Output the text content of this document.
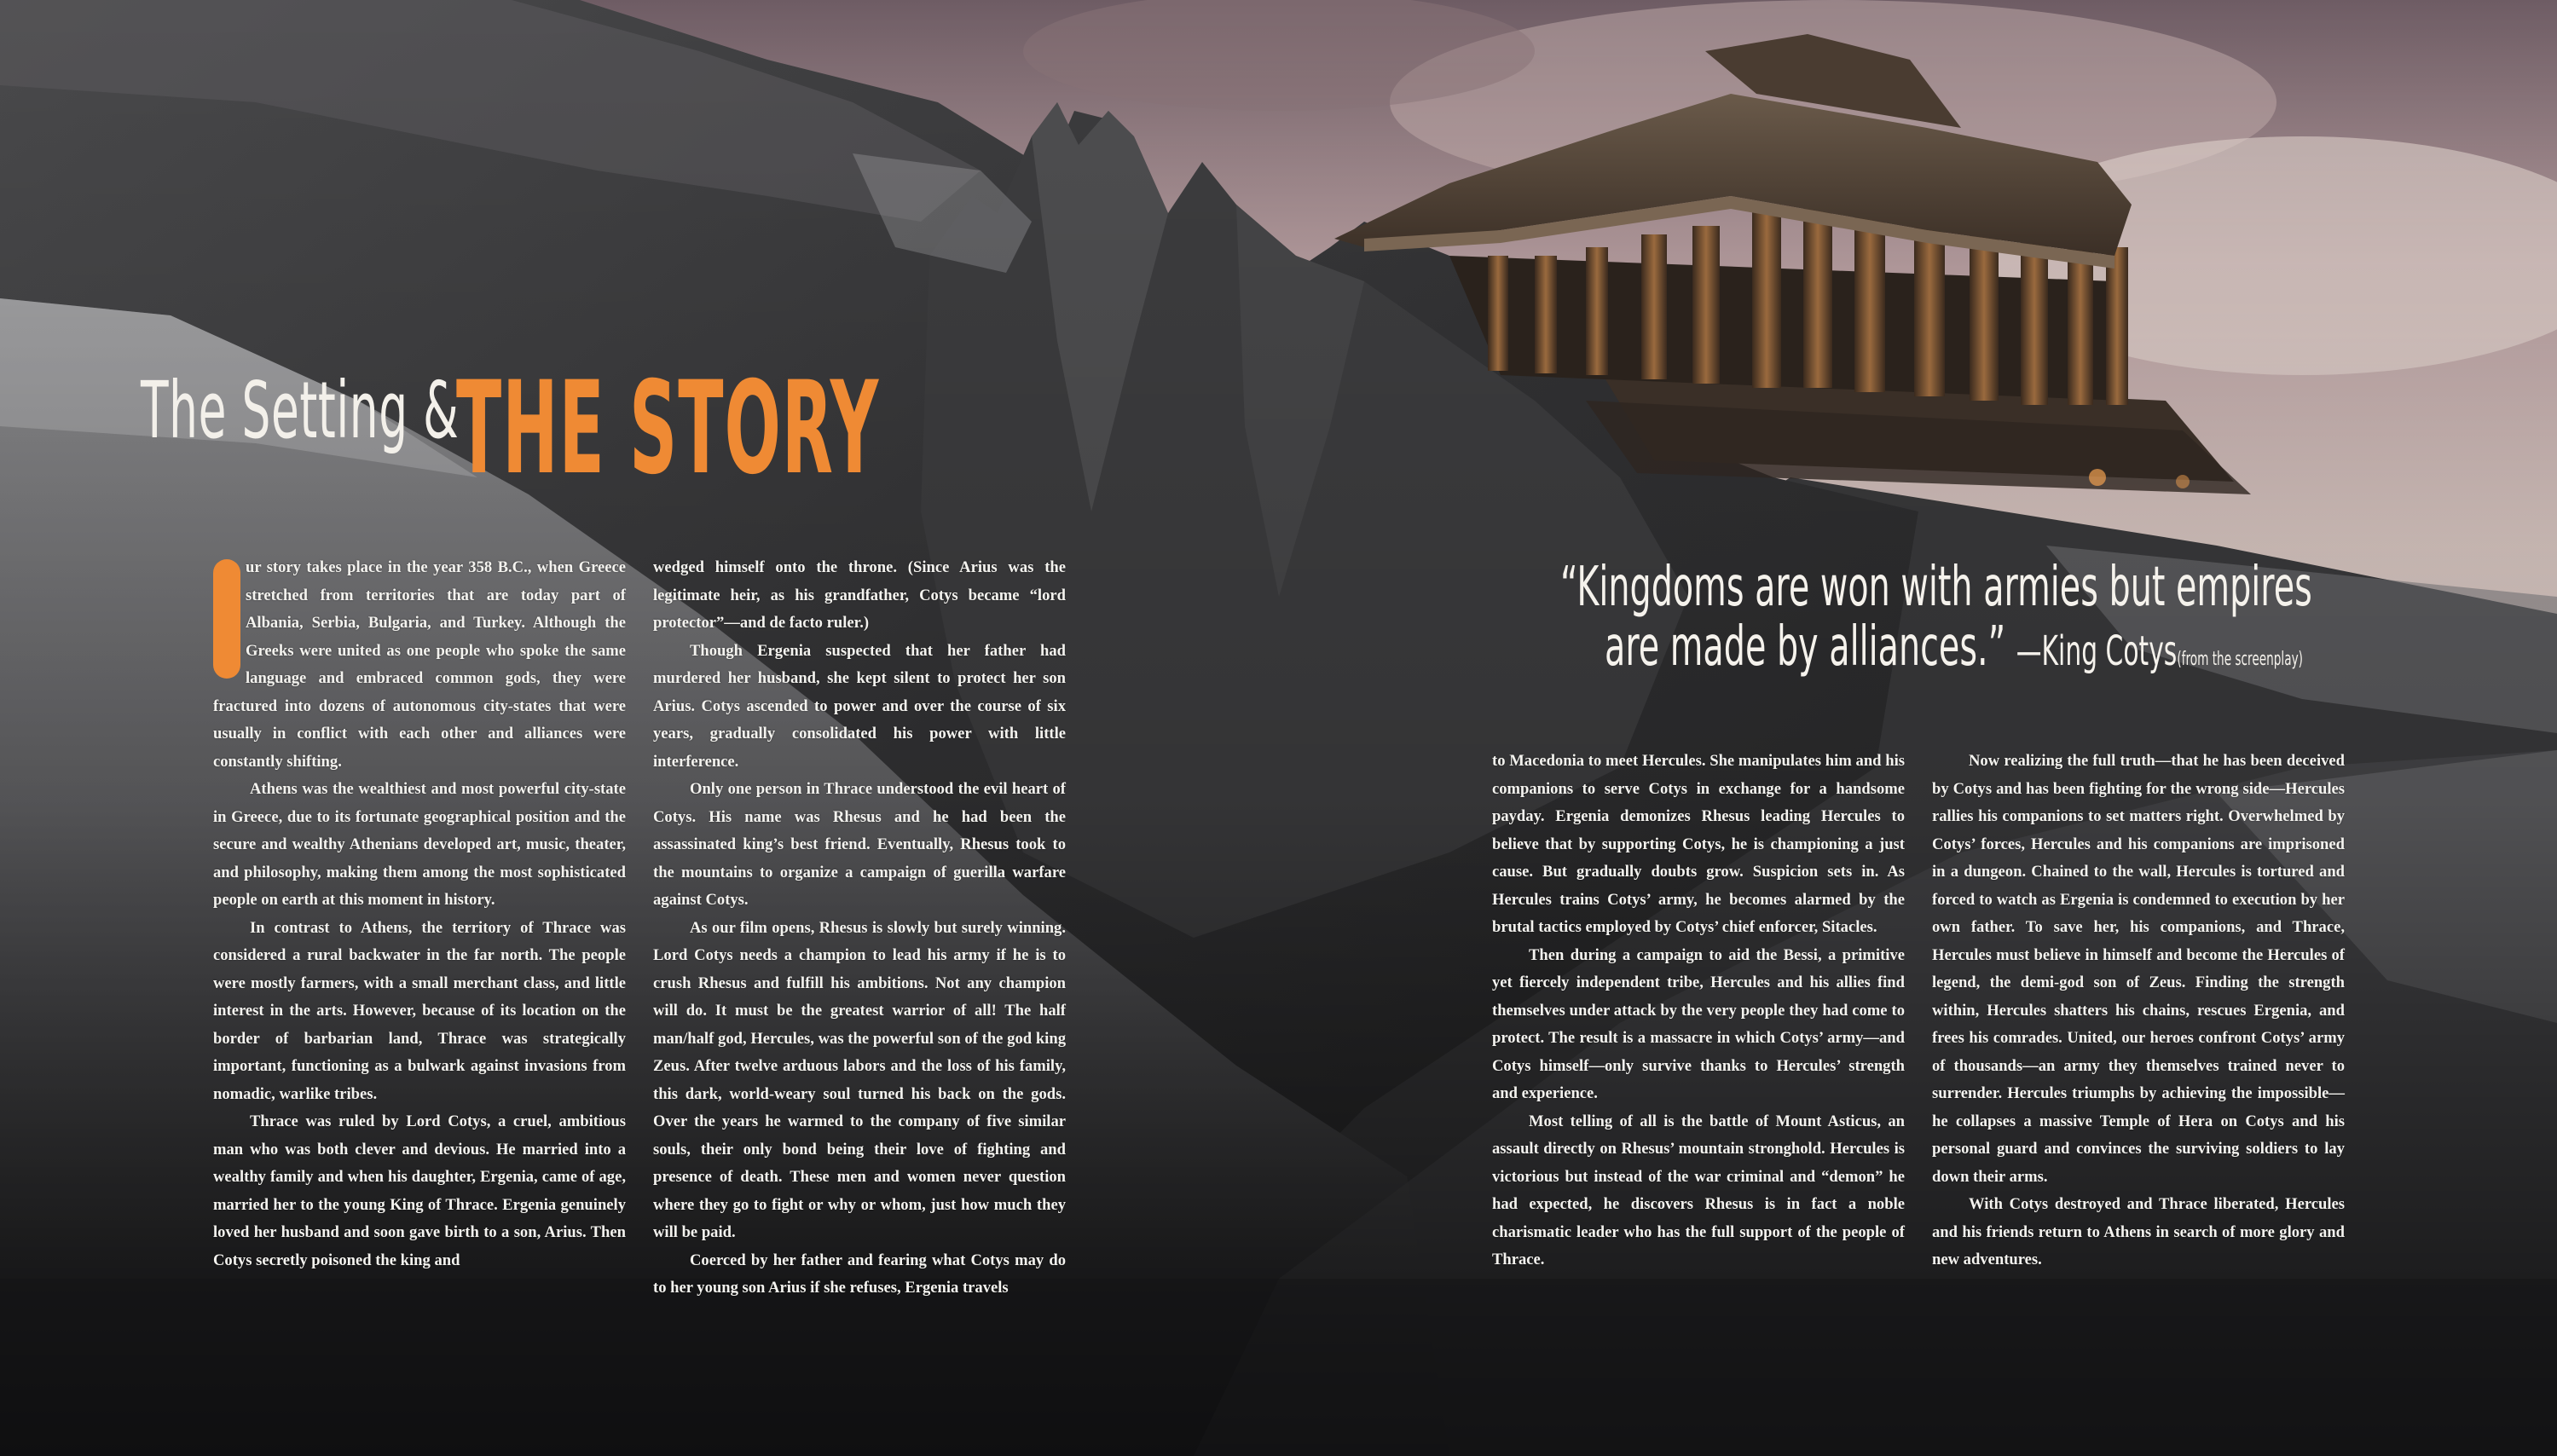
The Setting &
THE STORY
O	ur story takes place in the year 358 B.C., when Greece stretched from territories that are today part of Albania, Serbia, Bulgaria, and Turkey. Although the Greeks were united as one people who spoke the same language and embraced common gods, they were fractured into dozens of autonomous city-states that were usually in conflict with each other and alliances were constantly shifting.

Athens was the wealthiest and most powerful city-state in Greece, due to its fortunate geographical position and the secure and wealthy Athenians developed art, music, theater, and philosophy, making them among the most sophisticated people on earth at this moment in history.

In contrast to Athens, the territory of Thrace was considered a rural backwater in the far north. The people were mostly farmers, with a small merchant class, and little interest in the arts. However, because of its location on the border of barbarian land, Thrace was strategically important, functioning as a bulwark against invasions from nomadic, warlike tribes.

Thrace was ruled by Lord Cotys, a cruel, ambitious man who was both clever and devious. He married into a wealthy family and when his daughter, Ergenia, came of age, married her to the young King of Thrace. Ergenia genuinely loved her husband and soon gave birth to a son, Arius. Then Cotys secretly poisoned the king and

wedged himself onto the throne. (Since Arius was the legitimate heir, as his grandfather, Cotys became “lord protector”—and de facto ruler.)

Though Ergenia suspected that her father had murdered her husband, she kept silent to protect her son Arius. Cotys ascended to power and over the course of six years, gradually consolidated his power with little interference.

Only one person in Thrace understood the evil heart of Cotys. His name was Rhesus and he had been the assassinated king’s best friend. Eventually, Rhesus took to the mountains to organize a campaign of guerilla warfare against Cotys.

As our film opens, Rhesus is slowly but surely winning. Lord Cotys needs a champion to lead his army if he is to crush Rhesus and fulfill his ambitions. Not any champion will do. It must be the greatest warrior of all! The half man/half god, Hercules, was the powerful son of the god king Zeus. After twelve arduous labors and the loss of his family, this dark, world-weary soul turned his back on the gods. Over the years he warmed to the company of five similar souls, their only bond being their love of fighting and presence of death. These men and women never question where they go to fight or why or whom, just how much they will be paid.

Coerced by her father and fearing what Cotys may do to her young son Arius if she refuses, Ergenia travels

“Kingdoms are won with armies but empires
are made by alliances.” —King Cotys(from the screenplay)

to Macedonia to meet Hercules. She manipulates him and his companions to serve Cotys in exchange for a handsome payday. Ergenia demonizes Rhesus leading Hercules to believe that by supporting Cotys, he is championing a just cause. But gradually doubts grow. Suspicion sets in. As Hercules trains Cotys’ army, he becomes alarmed by the brutal tactics employed by Cotys’ chief enforcer, Sitacles.

Then during a campaign to aid the Bessi, a primitive yet fiercely independent tribe, Hercules and his allies find themselves under attack by the very people they had come to protect. The result is a massacre in which Cotys’ army—and Cotys himself—only survive thanks to Hercules’ strength and experience.

Most telling of all is the battle of Mount Asticus, an assault directly on Rhesus’ mountain stronghold. Hercules is victorious but instead of the war criminal and “demon” he had expected, he discovers Rhesus is in fact a noble charismatic leader who has the full support of the people of Thrace.

Now realizing the full truth—that he has been deceived by Cotys and has been fighting for the wrong side—Hercules rallies his companions to set matters right. Overwhelmed by Cotys’ forces, Hercules and his companions are imprisoned in a dungeon. Chained to the wall, Hercules is tortured and forced to watch as Ergenia is condemned to execution by her own father. To save her, his companions, and Thrace, Hercules must believe in himself and become the Hercules of legend, the demi-god son of Zeus. Finding the strength within, Hercules shatters his chains, rescues Ergenia, and frees his comrades. United, our heroes confront Cotys’ army of thousands—an army they themselves trained never to surrender. Hercules triumphs by achieving the impossible—he collapses a massive Temple of Hera on Cotys and his personal guard and convinces the surviving soldiers to lay down their arms.

With Cotys destroyed and Thrace liberated, Hercules and his friends return to Athens in search of more glory and new adventures.
